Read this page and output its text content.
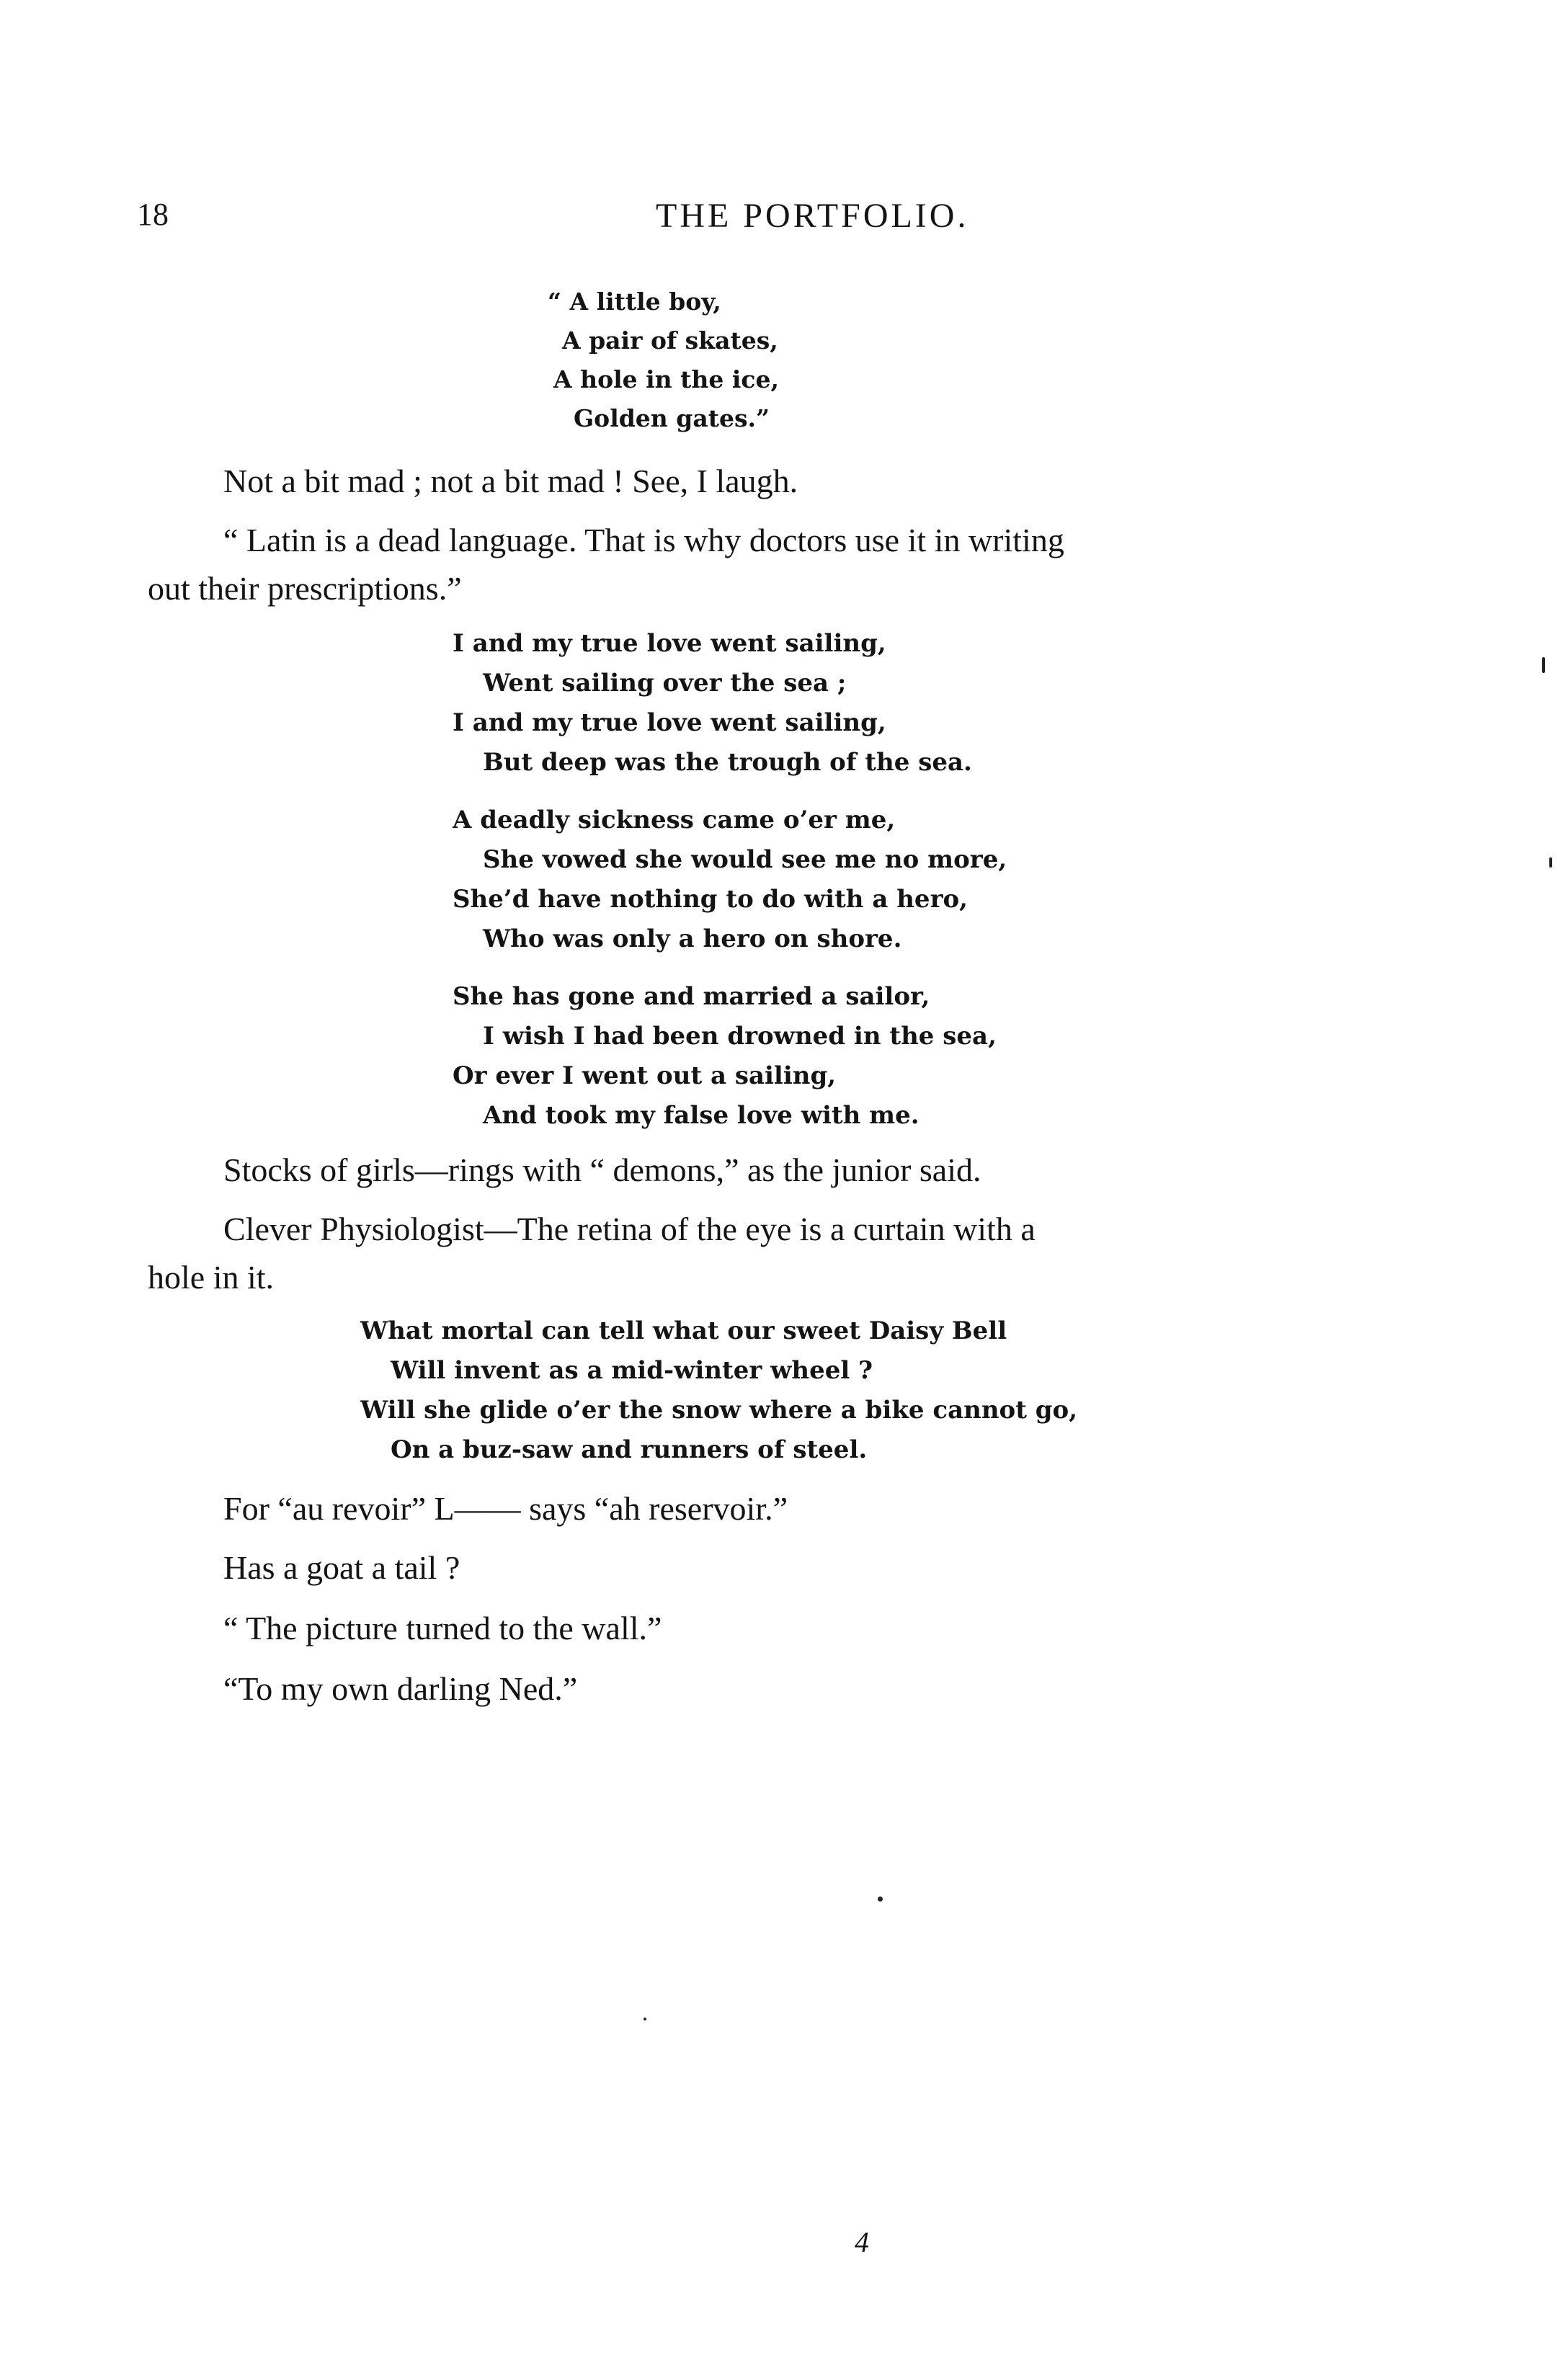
18	THE PORTFOLIO.
“ A little boy,
A pair of skates,
A hole in the ice,
Golden gates.”
Not a bit mad ; not a bit mad ! See, I laugh.
“ Latin is a dead language. That is why doctors use it in writing
out their prescriptions.”
I and my true love went sailing,
Went sailing over the sea ;
I and my true love went sailing,
But deep was the trough of the sea.
A deadly sickness came o’er me,
She vowed she would see me no more,
She’d have nothing to do with a hero,
Who was only a hero on shore.
She has gone and married a sailor,
I wish I had been drowned in the sea,
Or ever I went out a sailing,
And took my false love with me.
Stocks of girls—rings with “ demons,” as the junior said.
Clever Physiologist—The retina of the eye is a curtain with a
hole in it.
What mortal can tell what our sweet Daisy Bell
Will invent as a mid-winter wheel ?
Will she glide o’er the snow where a bike cannot go,
On a buz-saw and runners of steel.
For “au revoir” L—— says “ah reservoir.”
Has a goat a tail ?
“ The picture turned to the wall.”
“To my own darling Ned.”
4
